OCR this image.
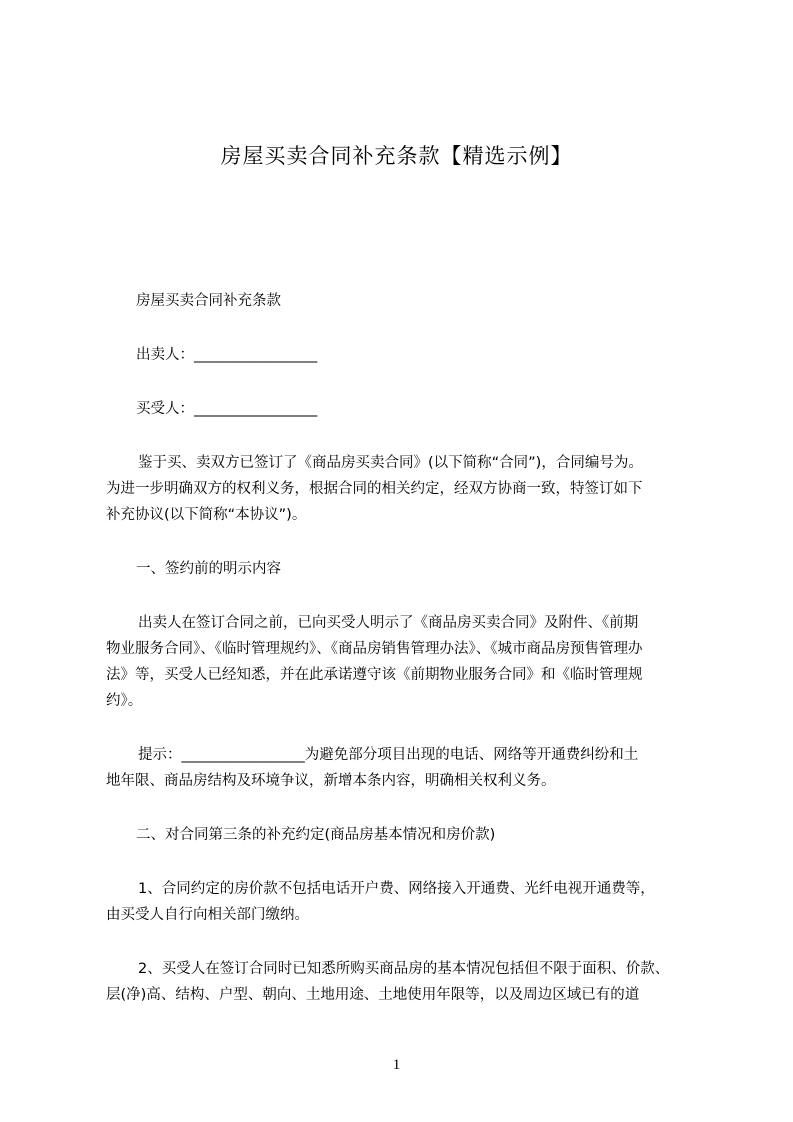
房屋买卖合同补充条款【精选示例】
房屋买卖合同补充条款
出卖人：_________________
买受人：_________________
鉴于买、卖双方已签订了《商品房买卖合同》(以下简称“合同”)，合同编号为。
为进一步明确双方的权利义务，根据合同的相关约定，经双方协商一致，特签订如下
补充协议(以下简称“本协议”)。
一、签约前的明示内容
出卖人在签订合同之前，已向买受人明示了《商品房买卖合同》及附件、《前期
物业服务合同》、《临时管理规约》、《商品房销售管理办法》、《城市商品房预售管理办
法》等，买受人已经知悉，并在此承诺遵守该《前期物业服务合同》和《临时管理规
约》。
提示：_________________为避免部分项目出现的电话、网络等开通费纠纷和土
地年限、商品房结构及环境争议，新增本条内容，明确相关权利义务。
二、对合同第三条的补充约定(商品房基本情况和房价款)
1、合同约定的房价款不包括电话开户费、网络接入开通费、光纤电视开通费等，
由买受人自行向相关部门缴纳。
2、买受人在签订合同时已知悉所购买商品房的基本情况包括但不限于面积、价款、
层(净)高、结构、户型、朝向、土地用途、土地使用年限等，以及周边区域已有的道
1
